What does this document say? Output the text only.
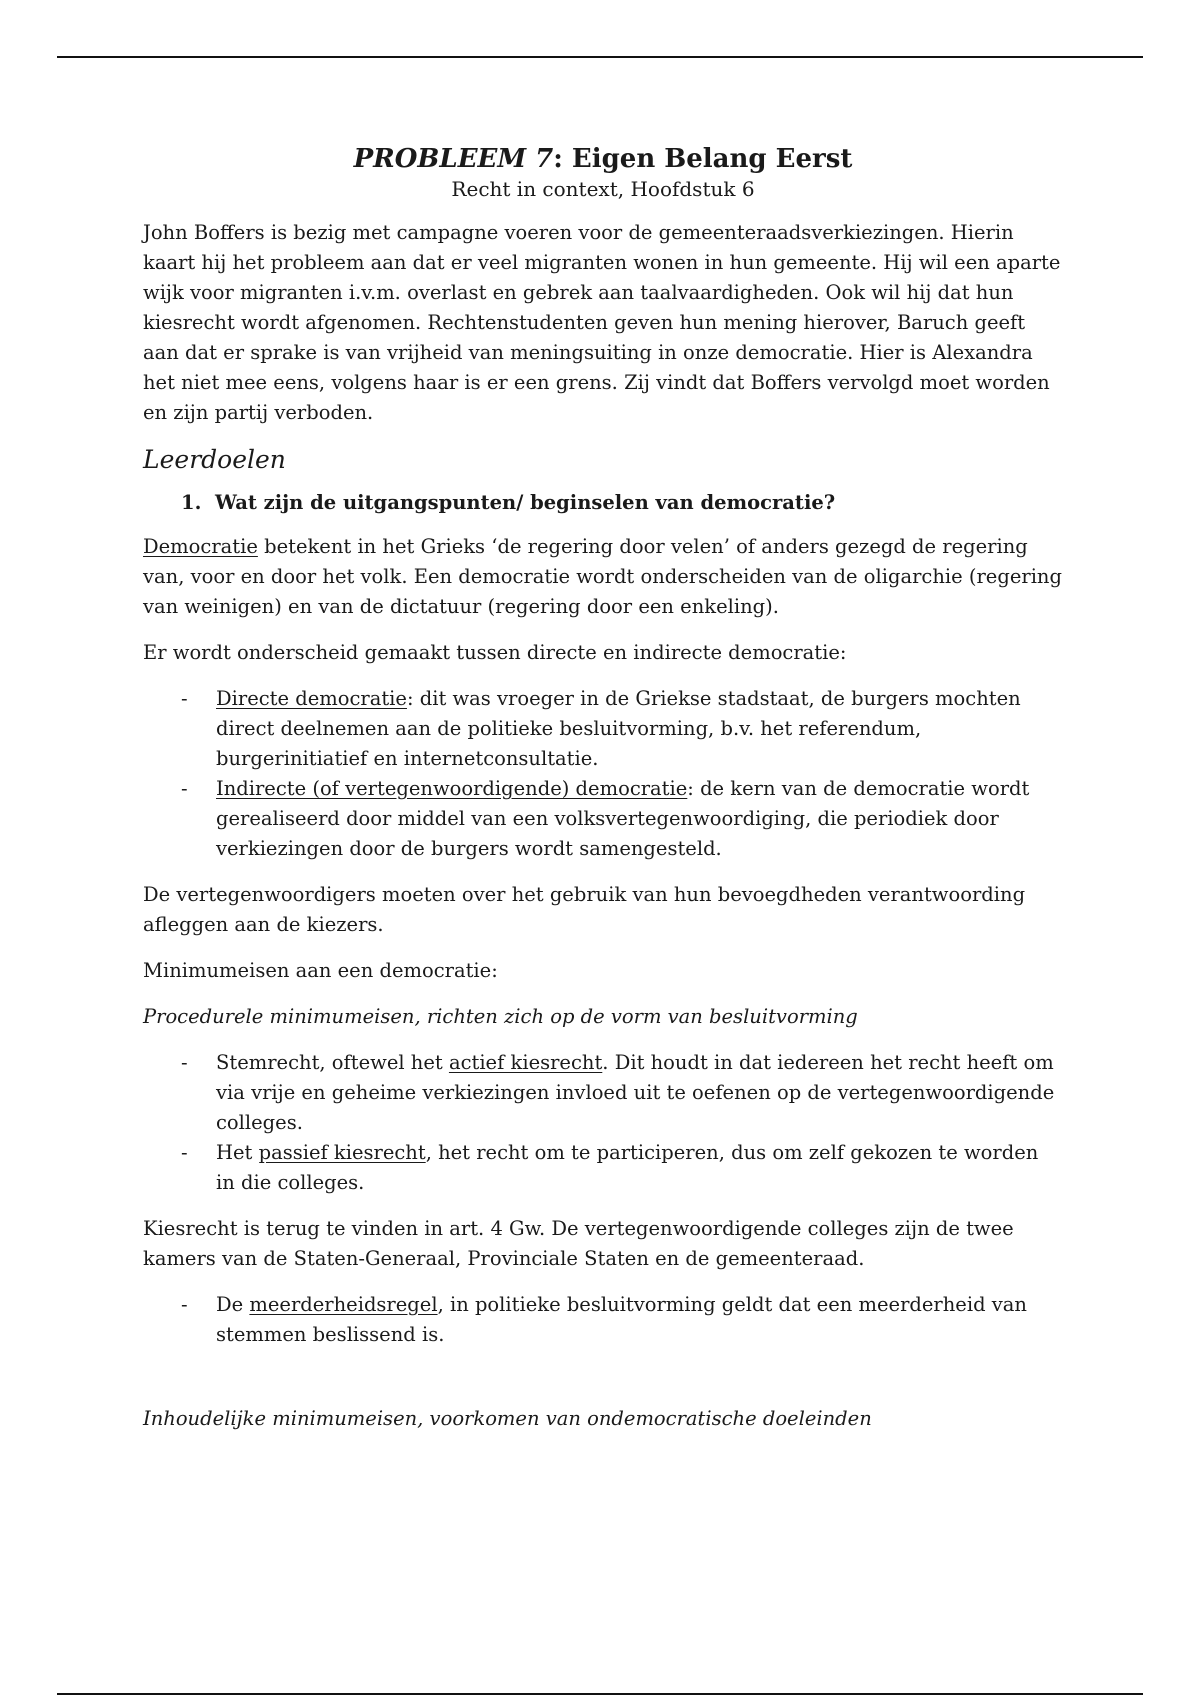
PROBLEEM 7: Eigen Belang Eerst
Recht in context, Hoofdstuk 6

John Boffers is bezig met campagne voeren voor de gemeenteraadsverkiezingen. Hierin kaart hij het probleem aan dat er veel migranten wonen in hun gemeente. Hij wil een aparte wijk voor migranten i.v.m. overlast en gebrek aan taalvaardigheden. Ook wil hij dat hun kiesrecht wordt afgenomen. Rechtenstudenten geven hun mening hierover, Baruch geeft aan dat er sprake is van vrijheid van meningsuiting in onze democratie. Hier is Alexandra het niet mee eens, volgens haar is er een grens. Zij vindt dat Boffers vervolgd moet worden en zijn partij verboden.

Leerdoelen
1. Wat zijn de uitgangspunten/ beginselen van democratie?

Democratie betekent in het Grieks ‘de regering door velen’ of anders gezegd de regering van, voor en door het volk. Een democratie wordt onderscheiden van de oligarchie (regering van weinigen) en van de dictatuur (regering door een enkeling).

Er wordt onderscheid gemaakt tussen directe en indirecte democratie:

- Directe democratie: dit was vroeger in de Griekse stadstaat, de burgers mochten direct deelnemen aan de politieke besluitvorming, b.v. het referendum, burgerinitiatief en internetconsultatie.
- Indirecte (of vertegenwoordigende) democratie: de kern van de democratie wordt gerealiseerd door middel van een volksvertegenwoordiging, die periodiek door verkiezingen door de burgers wordt samengesteld.

De vertegenwoordigers moeten over het gebruik van hun bevoegdheden verantwoording afleggen aan de kiezers.

Minimumeisen aan een democratie:

Procedurele minimumeisen, richten zich op de vorm van besluitvorming

- Stemrecht, oftewel het actief kiesrecht. Dit houdt in dat iedereen het recht heeft om via vrije en geheime verkiezingen invloed uit te oefenen op de vertegenwoordigende colleges.
- Het passief kiesrecht, het recht om te participeren, dus om zelf gekozen te worden in die colleges.

Kiesrecht is terug te vinden in art. 4 Gw. De vertegenwoordigende colleges zijn de twee kamers van de Staten-Generaal, Provinciale Staten en de gemeenteraad.

- De meerderheidsregel, in politieke besluitvorming geldt dat een meerderheid van stemmen beslissend is.

Inhoudelijke minimumeisen, voorkomen van ondemocratische doeleinden
